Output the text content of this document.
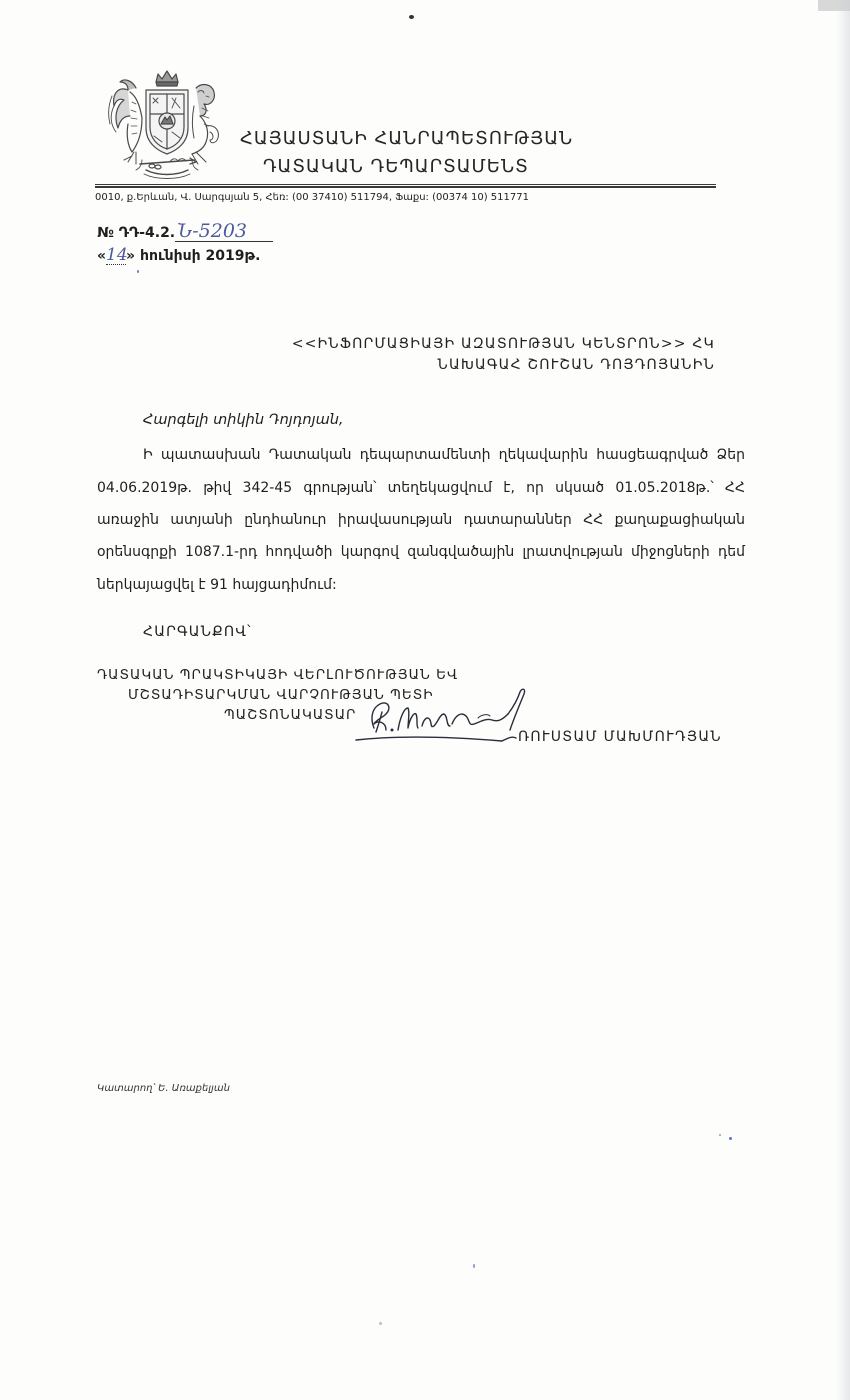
ՀԱՅԱՍՏԱՆԻ ՀԱՆՐԱՊԵՏՈՒԹՅԱՆ
ԴԱՏԱԿԱՆ ԴԵՊԱՐՏԱՄԵՆՏ
0010, ք.Երևան, Վ. Սարգսյան 5, Հեռ: (00 37410) 511794, Ֆաքս: (00374 10) 511771
№ ԴԴ-4.2. Ն-5203
«14» հունիսի 2019թ.
<<ԻՆՖՈՐՄԱՑԻԱՅԻ ԱԶԱՏՈՒԹՅԱՆ ԿԵՆՏՐՈՆ>> ՀԿ
ՆԱԽԱԳԱՀ ՇՈՒՇԱՆ ԴՈՅԴՈՅԱՆԻՆ
Հարգելի տիկին Դոյդոյան,
Ի պատասխան Դատական դեպարտամենտի ղեկավարին հասցեագրված Ձեր
04.06.2019թ. թիվ 342-45 գրության՝ տեղեկացվում է, որ սկսած 01.05.2018թ.՝ ՀՀ
առաջին ատյանի ընդհանուր իրավասության դատարաններ ՀՀ քաղաքացիական
օրենսգրքի 1087.1-րդ հոդվածի կարգով զանգվածային լրատվության միջոցների դեմ
ներկայացվել է 91 հայցադիմում:
ՀԱՐԳԱՆՔՈՎ՝
ԴԱՏԱԿԱՆ ՊՐԱԿՏԻԿԱՅԻ ՎԵՐԼՈՒԾՈՒԹՅԱՆ ԵՎ
ՄՇՏԱԴԻՏԱՐԿՄԱՆ ՎԱՐՉՈՒԹՅԱՆ ՊԵՏԻ
ՊԱՇՏՈՆԱԿԱՏԱՐ
ՌՈՒՍՏԱՄ ՄԱԽՄՈՒԴՅԱՆ
Կատարող՝ Ե. Առաքելյան
